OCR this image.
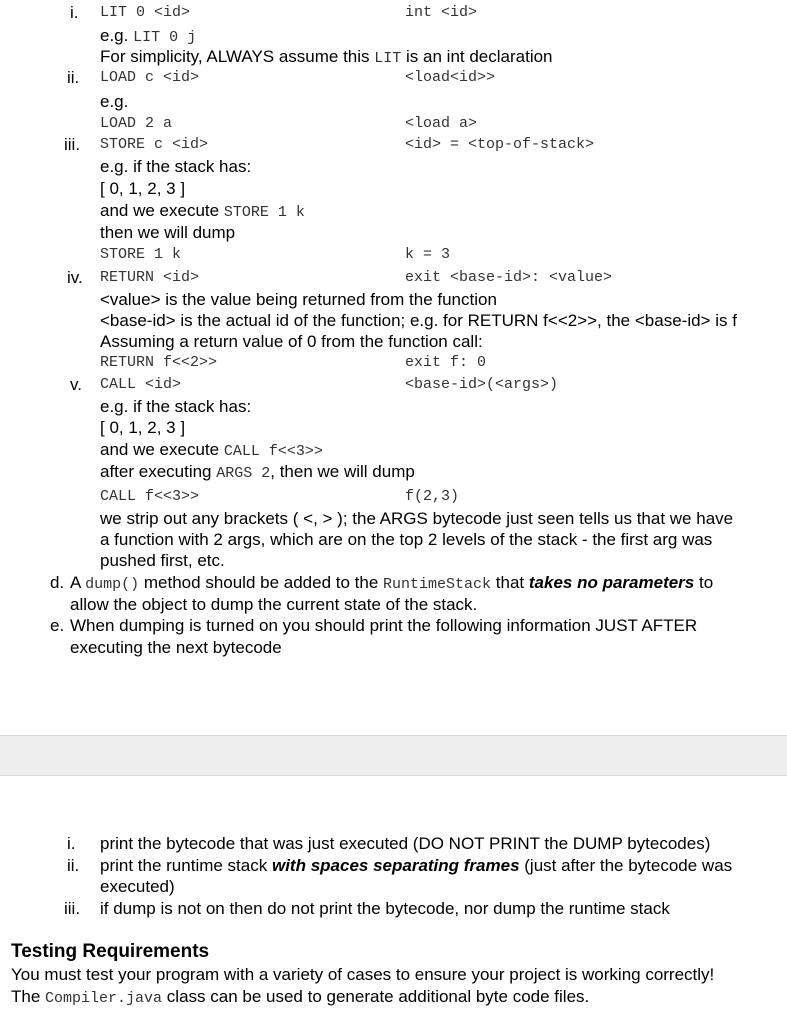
i. LIT 0 <id>	int <id>
e.g. LIT 0 j
For simplicity, ALWAYS assume this LIT is an int declaration
ii. LOAD c <id>	<load<id>>
e.g.
LOAD 2 a	<load a>
iii. STORE c <id>	<id> = <top-of-stack>
e.g. if the stack has:
[ 0, 1, 2, 3 ]
and we execute STORE 1 k
then we will dump
STORE 1 k	k = 3
iv. RETURN <id>	exit <base-id>: <value>
<value> is the value being returned from the function
<base-id> is the actual id of the function; e.g. for RETURN f<<2>>, the <base-id> is f
Assuming a return value of 0 from the function call:
RETURN f<<2>>	exit f: 0
v. CALL <id>	<base-id>(<args>)
e.g. if the stack has:
[ 0, 1, 2, 3 ]
and we execute CALL f<<3>>
after executing ARGS 2, then we will dump
CALL f<<3>>	f(2,3)
we strip out any brackets ( <, > ); the ARGS bytecode just seen tells us that we have
a function with 2 args, which are on the top 2 levels of the stack - the first arg was
pushed first, etc.
d. A dump() method should be added to the RuntimeStack that takes no parameters to
allow the object to dump the current state of the stack.
e. When dumping is turned on you should print the following information JUST AFTER
executing the next bytecode
i. print the bytecode that was just executed (DO NOT PRINT the DUMP bytecodes)
ii. print the runtime stack with spaces separating frames (just after the bytecode was
executed)
iii. if dump is not on then do not print the bytecode, nor dump the runtime stack
Testing Requirements
You must test your program with a variety of cases to ensure your project is working correctly!
The Compiler.java class can be used to generate additional byte code files.
